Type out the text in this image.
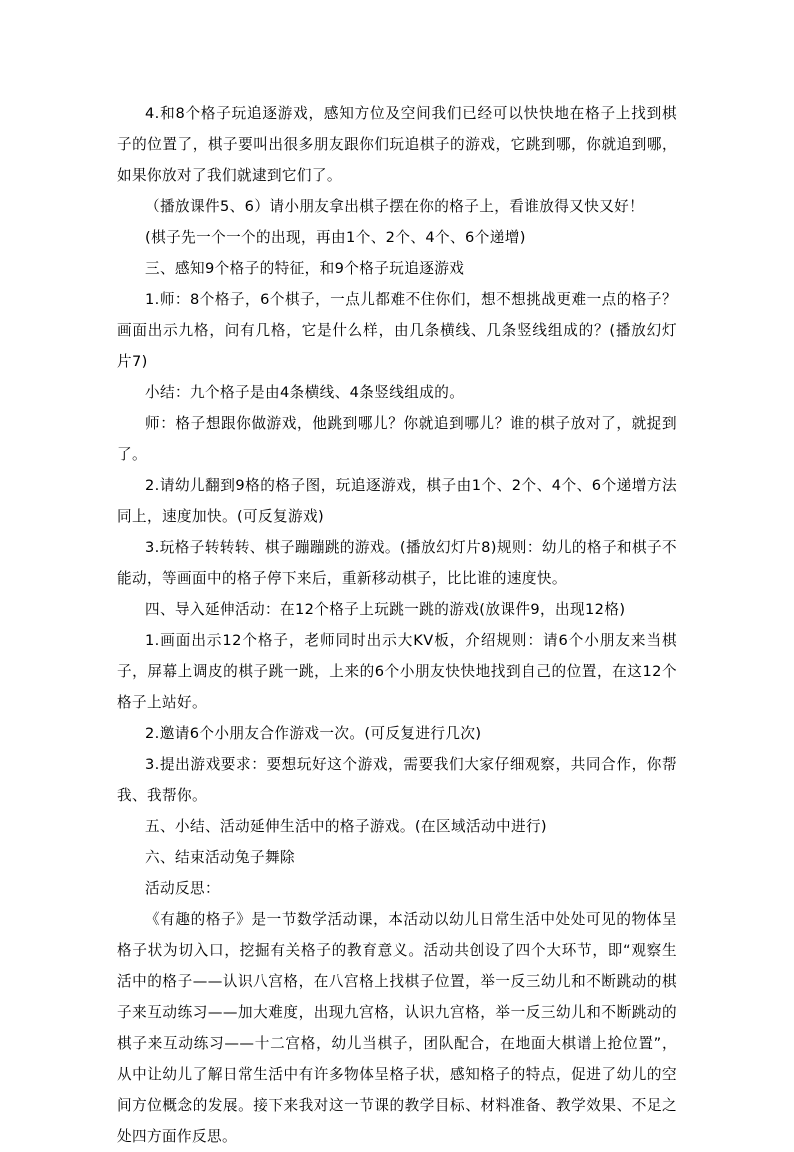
4.和8个格子玩追逐游戏，感知方位及空间我们已经可以快快地在格子上找到棋子的位置了，棋子要叫出很多朋友跟你们玩追棋子的游戏，它跳到哪，你就追到哪，如果你放对了我们就逮到它们了。

（播放课件5、6）请小朋友拿出棋子摆在你的格子上，看谁放得又快又好！

(棋子先一个一个的出现，再由1个、2个、4个、6个递增)

三、感知9个格子的特征，和9个格子玩追逐游戏

1.师：8个格子，6个棋子，一点儿都难不住你们，想不想挑战更难一点的格子？画面出示九格，问有几格，它是什么样，由几条横线、几条竖线组成的？(播放幻灯片7)

小结：九个格子是由4条横线、4条竖线组成的。

师：格子想跟你做游戏，他跳到哪儿？你就追到哪儿？谁的棋子放对了，就捉到了。

2.请幼儿翻到9格的格子图，玩追逐游戏，棋子由1个、2个、4个、6个递增方法同上，速度加快。(可反复游戏)

3.玩格子转转转、棋子蹦蹦跳的游戏。(播放幻灯片8)规则：幼儿的格子和棋子不能动，等画面中的格子停下来后，重新移动棋子，比比谁的速度快。

四、导入延伸活动：在12个格子上玩跳一跳的游戏(放课件9，出现12格)

1.画面出示12个格子，老师同时出示大KV板，介绍规则：请6个小朋友来当棋子，屏幕上调皮的棋子跳一跳，上来的6个小朋友快快地找到自己的位置，在这12个格子上站好。

2.邀请6个小朋友合作游戏一次。(可反复进行几次)

3.提出游戏要求：要想玩好这个游戏，需要我们大家仔细观察，共同合作，你帮我、我帮你。

五、小结、活动延伸生活中的格子游戏。(在区域活动中进行)

六、结束活动兔子舞除

活动反思：

《有趣的格子》是一节数学活动课，本活动以幼儿日常生活中处处可见的物体呈格子状为切入口，挖掘有关格子的教育意义。活动共创设了四个大环节，即“观察生活中的格子——认识八宫格，在八宫格上找棋子位置，举一反三幼儿和不断跳动的棋子来互动练习——加大难度，出现九宫格，认识九宫格，举一反三幼儿和不断跳动的棋子来互动练习——十二宫格，幼儿当棋子，团队配合，在地面大棋谱上抢位置”，从中让幼儿了解日常生活中有许多物体呈格子状，感知格子的特点，促进了幼儿的空间方位概念的发展。接下来我对这一节课的教学目标、材料准备、教学效果、不足之处四方面作反思。
